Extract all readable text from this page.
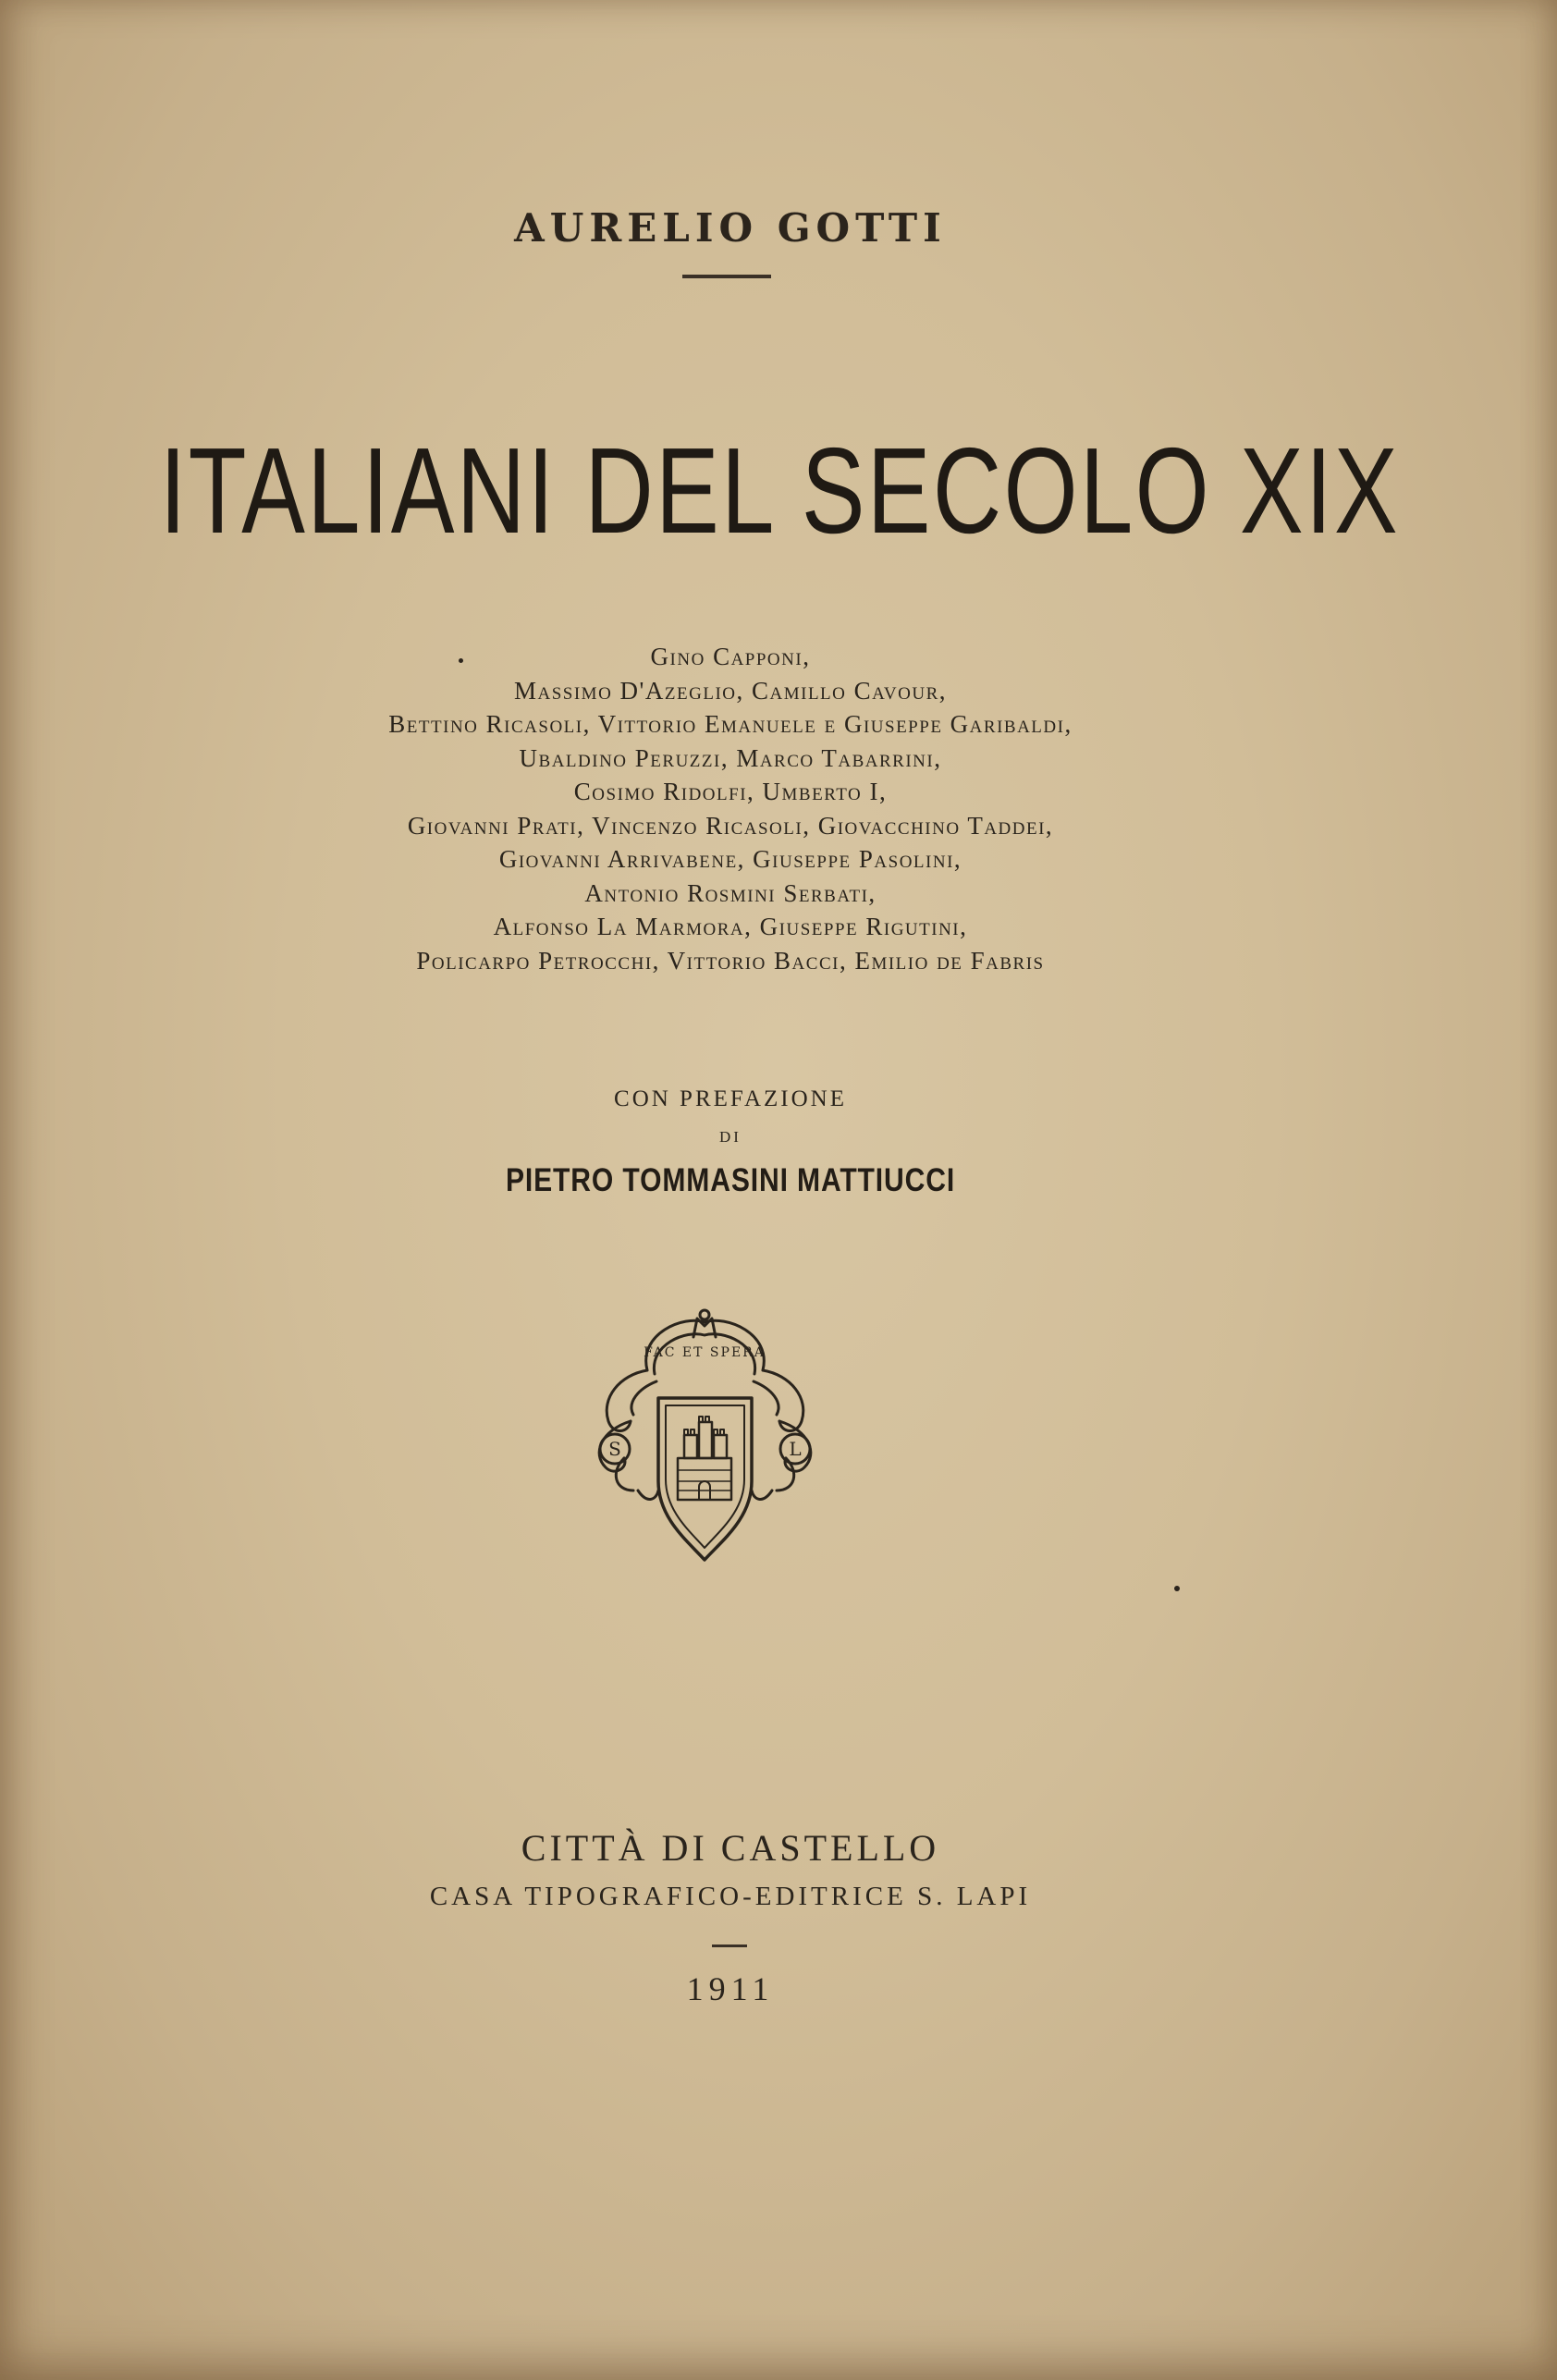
AURELIO GOTTI
ITALIANI DEL SECOLO XIX
Gino Capponi,
Massimo D'Azeglio, Camillo Cavour,
Bettino Ricasoli, Vittorio Emanuele e Giuseppe Garibaldi,
Ubaldino Peruzzi, Marco Tabarrini,
Cosimo Ridolfi, Umberto I,
Giovanni Prati, Vincenzo Ricasoli, Giovacchino Taddei,
Giovanni Arrivabene, Giuseppe Pasolini,
Antonio Rosmini Serbati,
Alfonso La Marmora, Giuseppe Rigutini,
Policarpo Petrocchi, Vittorio Bacci, Emilio de Fabris
CON PREFAZIONE
DI
PIETRO TOMMASINI MATTIUCCI
FAC ET SPERA
S	L
CITTÀ DI CASTELLO
CASA TIPOGRAFICO-EDITRICE S. LAPI
1911
